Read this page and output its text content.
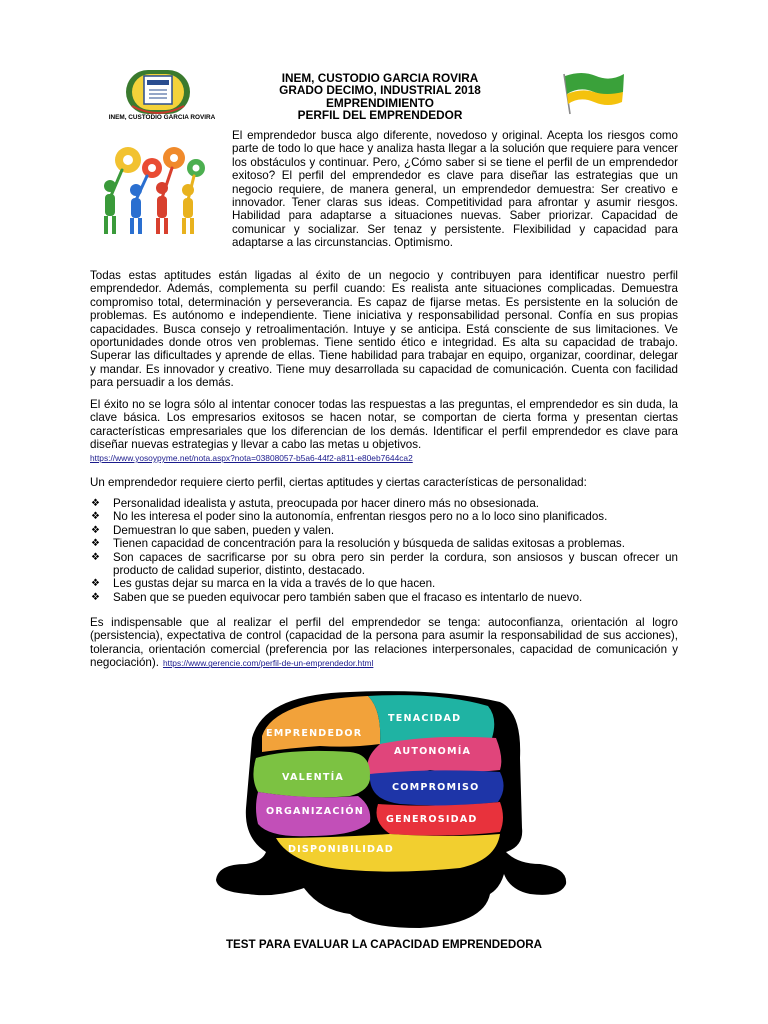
INEM, CUSTODIO GARCIA ROVIRA
INEM, CUSTODIO GARCIA ROVIRA
GRADO DECIMO, INDUSTRIAL 2018
EMPRENDIMIENTO
PERFIL DEL EMPRENDEDOR
El emprendedor busca algo diferente, novedoso y original. Acepta los riesgos como parte de todo lo que hace y analiza hasta llegar a la solución que requiere para vencer los obstáculos y continuar. Pero, ¿Cómo saber si se tiene el perfil de un emprendedor exitoso? El perfil del emprendedor es clave para diseñar las estrategias que un negocio requiere, de manera general, un emprendedor demuestra: Ser creativo e innovador. Tener claras sus ideas. Competitividad para afrontar y asumir riesgos. Habilidad para adaptarse a situaciones nuevas. Saber priorizar. Capacidad de comunicar y socializar. Ser tenaz y persistente. Flexibilidad y capacidad para adaptarse a las circunstancias. Optimismo.
Todas estas aptitudes están ligadas al éxito de un negocio y contribuyen para identificar nuestro perfil emprendedor. Además, complementa su perfil cuando: Es realista ante situaciones complicadas. Demuestra compromiso total, determinación y perseverancia. Es capaz de fijarse metas. Es persistente en la solución de problemas. Es autónomo e independiente. Tiene iniciativa y responsabilidad personal. Confía en sus propias capacidades. Busca consejo y retroalimentación. Intuye y se anticipa. Está consciente de sus limitaciones. Ve oportunidades donde otros ven problemas. Tiene sentido ético e integridad. Es alta su capacidad de trabajo. Superar las dificultades y aprende de ellas. Tiene habilidad para trabajar en equipo, organizar, coordinar, delegar y mandar. Es innovador y creativo. Tiene muy desarrollada su capacidad de comunicación. Cuenta con facilidad para persuadir a los demás.
El éxito no se logra sólo al intentar conocer todas las respuestas a las preguntas, el emprendedor es sin duda, la clave básica. Los empresarios exitosos se hacen notar, se comportan de cierta forma y presentan ciertas características empresariales que los diferencian de los demás. Identificar el perfil emprendedor es clave para diseñar nuevas estrategias y llevar a cabo las metas u objetivos.
https://www.yosoypyme.net/nota.aspx?nota=03808057-b5a6-44f2-a811-e80eb7644ca2
Un emprendedor requiere cierto perfil, ciertas aptitudes y ciertas características de personalidad:
❖ Personalidad idealista y astuta, preocupada por hacer dinero más no obsesionada.
❖ No les interesa el poder sino la autonomía, enfrentan riesgos pero no a lo loco sino planificados.
❖ Demuestran lo que saben, pueden y valen.
❖ Tienen capacidad de concentración para la resolución y búsqueda de salidas exitosas a problemas.
❖ Son capaces de sacrificarse por su obra pero sin perder la cordura, son ansiosos y buscan ofrecer un producto de calidad superior, distinto, destacado.
❖ Les gustas dejar su marca en la vida a través de lo que hacen.
❖ Saben que se pueden equivocar pero también saben que el fracaso es intentarlo de nuevo.
Es indispensable que al realizar el perfil del emprendedor se tenga: autoconfianza, orientación al logro (persistencia), expectativa de control (capacidad de la persona para asumir la responsabilidad de sus acciones), tolerancia, orientación comercial (preferencia por las relaciones interpersonales, capacidad de comunicación y negociación). https://www.gerencie.com/perfil-de-un-emprendedor.html
EMPRENDEDOR
TENACIDAD
AUTONOMÍA
VALENTÍA
COMPROMISO
ORGANIZACIÓN
GENEROSIDAD
DISPONIBILIDAD
TEST PARA EVALUAR LA CAPACIDAD EMPRENDEDORA
